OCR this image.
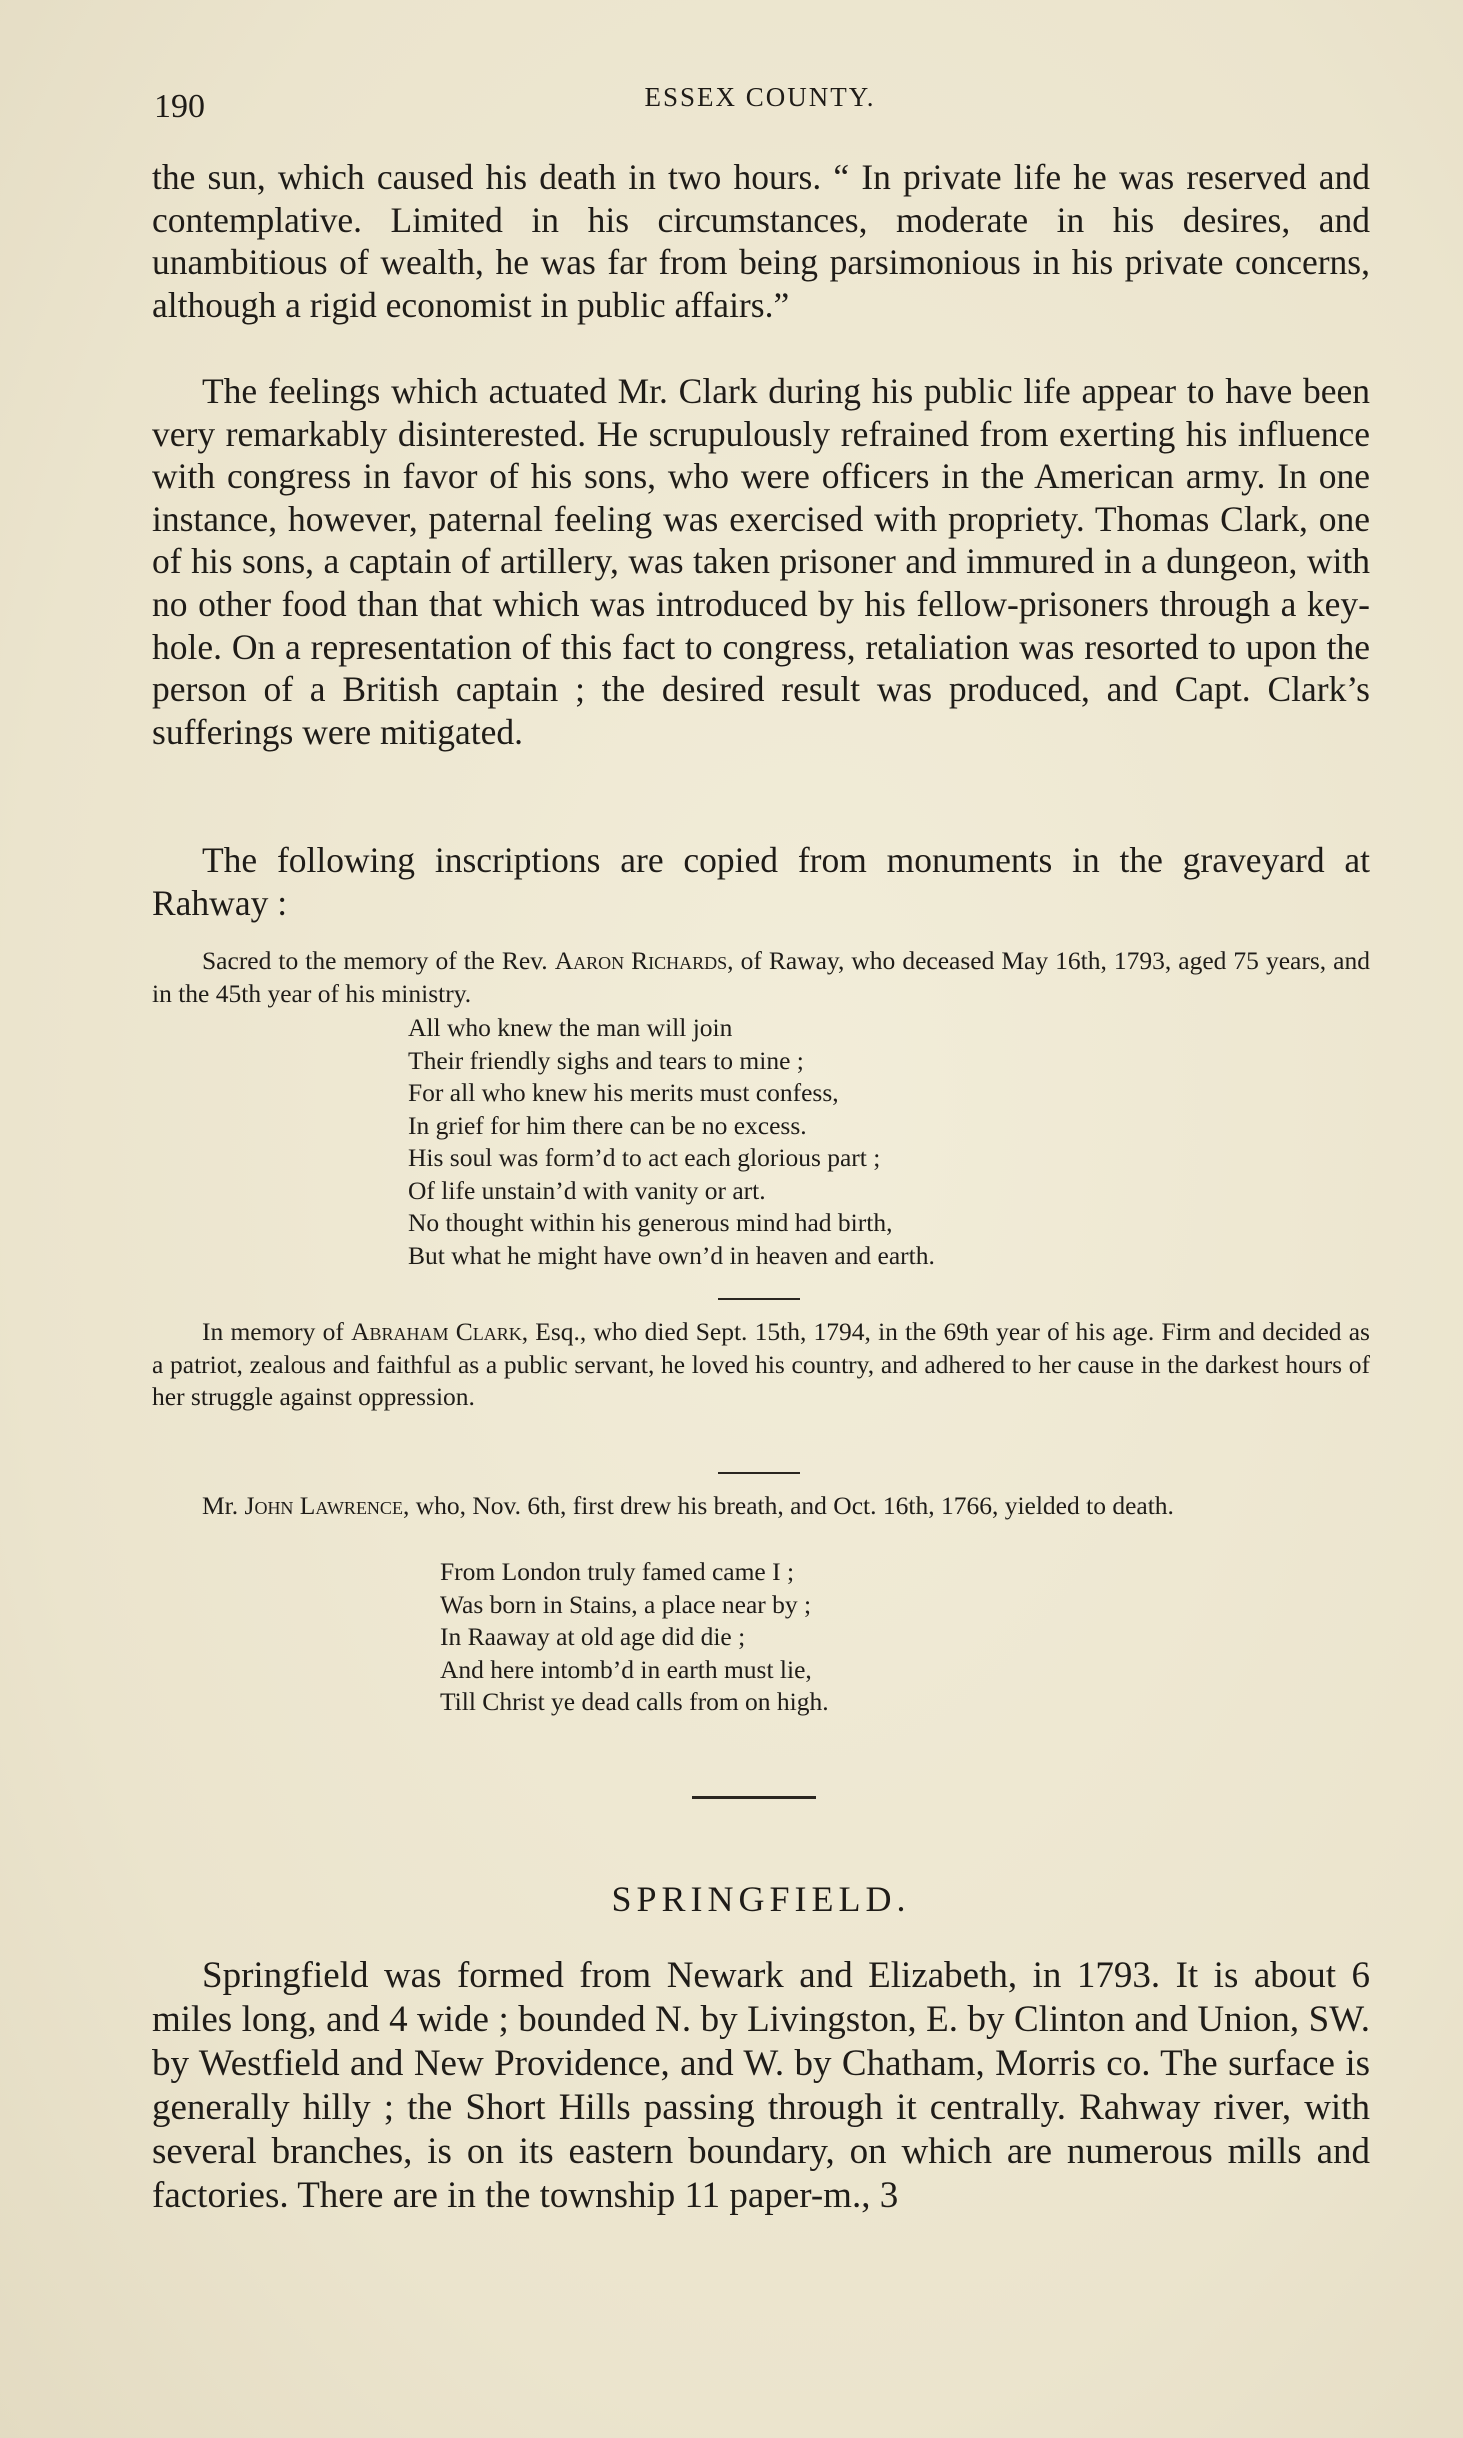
190	ESSEX COUNTY.

the sun, which caused his death in two hours. “ In private life he was reserved and contemplative. Limited in his circumstances, moderate in his desires, and unambitious of wealth, he was far from being parsimonious in his private concerns, although a rigid economist in public affairs.”

The feelings which actuated Mr. Clark during his public life appear to have been very remarkably disinterested. He scrupulously refrained from exerting his influence with congress in favor of his sons, who were officers in the American army. In one instance, however, paternal feeling was exercised with propriety. Thomas Clark, one of his sons, a captain of artillery, was taken prisoner and immured in a dungeon, with no other food than that which was introduced by his fellow-prisoners through a key-hole. On a representation of this fact to congress, retaliation was resorted to upon the person of a British captain ; the desired result was produced, and Capt. Clark’s sufferings were mitigated.

The following inscriptions are copied from monuments in the graveyard at Rahway :

Sacred to the memory of the Rev. Aaron Richards, of Raway, who deceased May 16th, 1793, aged 75 years, and in the 45th year of his ministry.

All who knew the man will join
Their friendly sighs and tears to mine ;
For all who knew his merits must confess,
In grief for him there can be no excess.
His soul was form’d to act each glorious part ;
Of life unstain’d with vanity or art.
No thought within his generous mind had birth,
But what he might have own’d in heaven and earth.

In memory of Abraham Clark, Esq., who died Sept. 15th, 1794, in the 69th year of his age. Firm and decided as a patriot, zealous and faithful as a public servant, he loved his country, and adhered to her cause in the darkest hours of her struggle against oppression.

Mr. John Lawrence, who, Nov. 6th, first drew his breath, and Oct. 16th, 1766, yielded to death.

From London truly famed came I ;
Was born in Stains, a place near by ;
In Raaway at old age did die ;
And here intomb’d in earth must lie,
Till Christ ye dead calls from on high.
SPRINGFIELD.

Springfield was formed from Newark and Elizabeth, in 1793. It is about 6 miles long, and 4 wide ; bounded N. by Livingston, E. by Clinton and Union, SW. by Westfield and New Providence, and W. by Chatham, Morris co. The surface is generally hilly ; the Short Hills passing through it centrally. Rahway river, with several branches, is on its eastern boundary, on which are numerous mills and factories. There are in the township 11 paper-m., 3
